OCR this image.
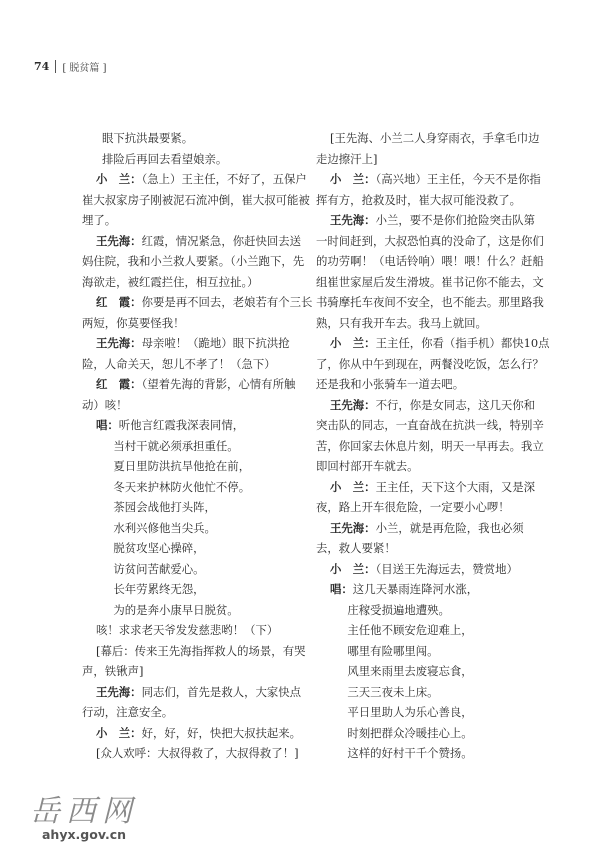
74 [ 脱贫篇 ]
眼下抗洪最要紧。
排险后再回去看望娘亲。
小　兰：（急上）王主任，不好了，五保户
崔大叔家房子刚被泥石流冲倒，崔大叔可能被
埋了。
王先海：红霞，情况紧急，你赶快回去送
妈住院，我和小兰救人要紧。（小兰跑下，先
海欲走，被红霞拦住，相互拉扯。）
红　霞：你要是再不回去，老娘若有个三长
两短，你莫要怪我！
王先海：母亲啦！（跪地）眼下抗洪抢
险，人命关天，恕儿不孝了！（急下）
红　霞：（望着先海的背影，心情有所触
动）咳！
唱：听他言红霞我深表同情，
　当村干就必须承担重任。
　夏日里防洪抗旱他抢在前，
　冬天来护林防火他忙不停。
　茶园会战他打头阵，
　水利兴修他当尖兵。
　脱贫攻坚心操碎，
　访贫问苦献爱心。
　长年劳累终无怨，
　为的是奔小康早日脱贫。
咳！求求老天爷发发慈悲哟！（下）
[幕后：传来王先海指挥救人的场景，有哭
声，铁锹声]
王先海：同志们，首先是救人，大家快点
行动，注意安全。
小　兰：好，好，好，快把大叔扶起来。
[众人欢呼：大叔得救了，大叔得救了！]
[王先海、小兰二人身穿雨衣，手拿毛巾边
走边擦汗上]
小　兰：（高兴地）王主任，今天不是你指
挥有方，抢救及时，崔大叔可能没救了。
王先海：小兰，要不是你们抢险突击队第
一时间赶到，大叔恐怕真的没命了，这是你们
的功劳啊！（电话铃响）喂！喂！什么？赶船
组崔世家屋后发生滑坡。崔书记你不能去，文
书骑摩托车夜间不安全，也不能去。那里路我
熟，只有我开车去。我马上就回。
小　兰：王主任，你看（指手机）都快10点
了，你从中午到现在，两餐没吃饭，怎么行？
还是我和小张骑车一道去吧。
王先海：不行，你是女同志，这几天你和
突击队的同志，一直奋战在抗洪一线，特别辛
苦，你回家去休息片刻，明天一早再去。我立
即回村部开车就去。
小　兰：王主任，天下这个大雨，又是深
夜，路上开车很危险，一定要小心啰！
王先海：小兰，就是再危险，我也必须
去，救人要紧！
小　兰：（目送王先海远去，赞赏地）
唱：这几天暴雨连降河水涨，
　庄稼受损遍地遭殃。
　主任他不顾安危迎难上，
　哪里有险哪里闯。
　风里来雨里去废寝忘食，
　三天三夜未上床。
　平日里助人为乐心善良，
　时刻把群众冷暖挂心上。
　这样的好村干千个赞扬。
岳西网
ahyx.gov.cn
